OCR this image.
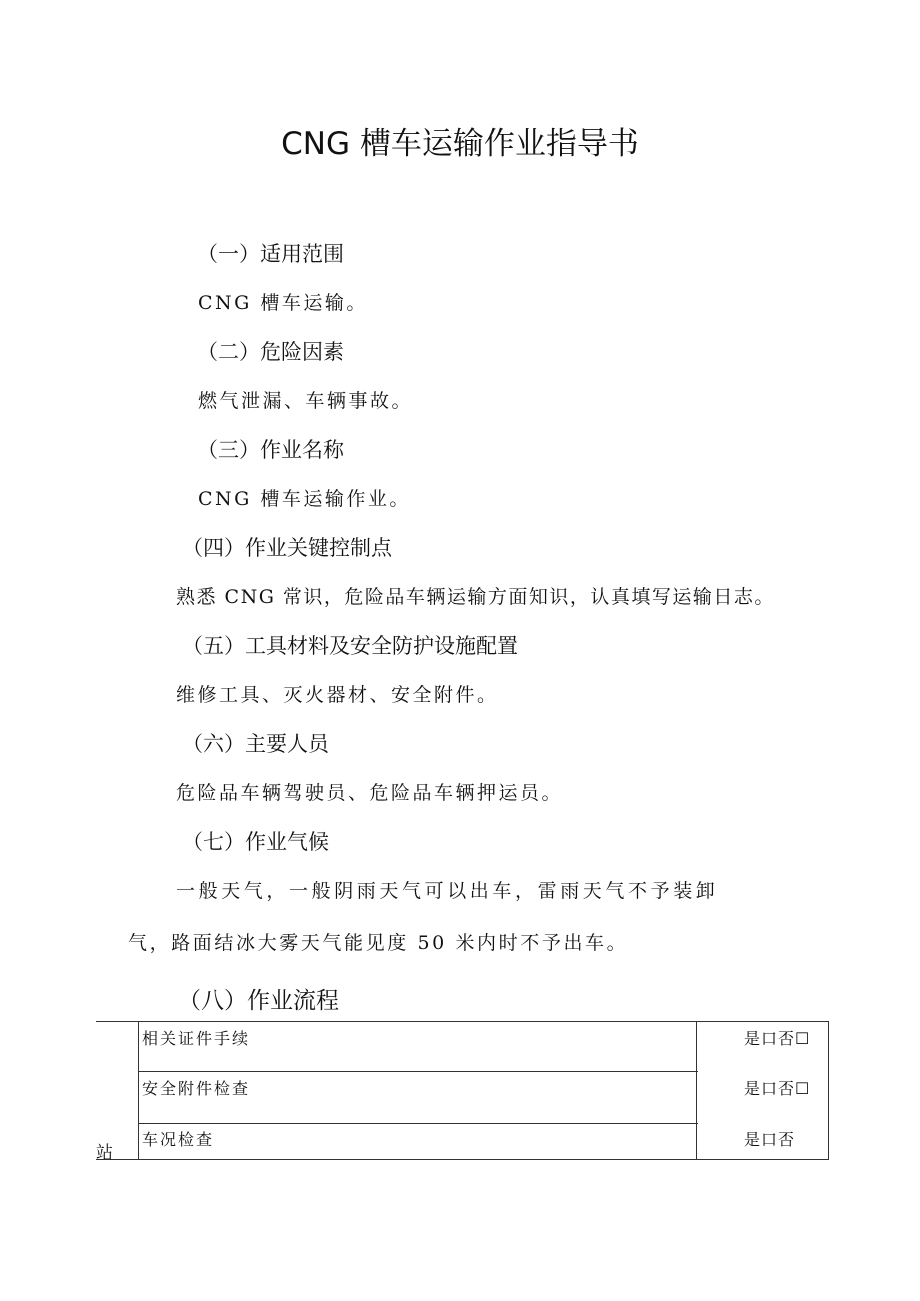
CNG 槽车运输作业指导书
（一）适用范围
CNG 槽车运输。
（二）危险因素
燃气泄漏、车辆事故。
（三）作业名称
CNG 槽车运输作业。
（四）作业关键控制点
熟悉 CNG 常识，危险品车辆运输方面知识，认真填写运输日志。
（五）工具材料及安全防护设施配置
维修工具、灭火器材、安全附件。
（六）主要人员
危险品车辆驾驶员、危险品车辆押运员。
（七）作业气候
一般天气，一般阴雨天气可以出车，雷雨天气不予装卸
气，路面结冰大雾天气能见度 50 米内时不予出车。
（八）作业流程
站
相关证件手续	是口否☐
安全附件检查	是口否☐
车况检查	是口否
